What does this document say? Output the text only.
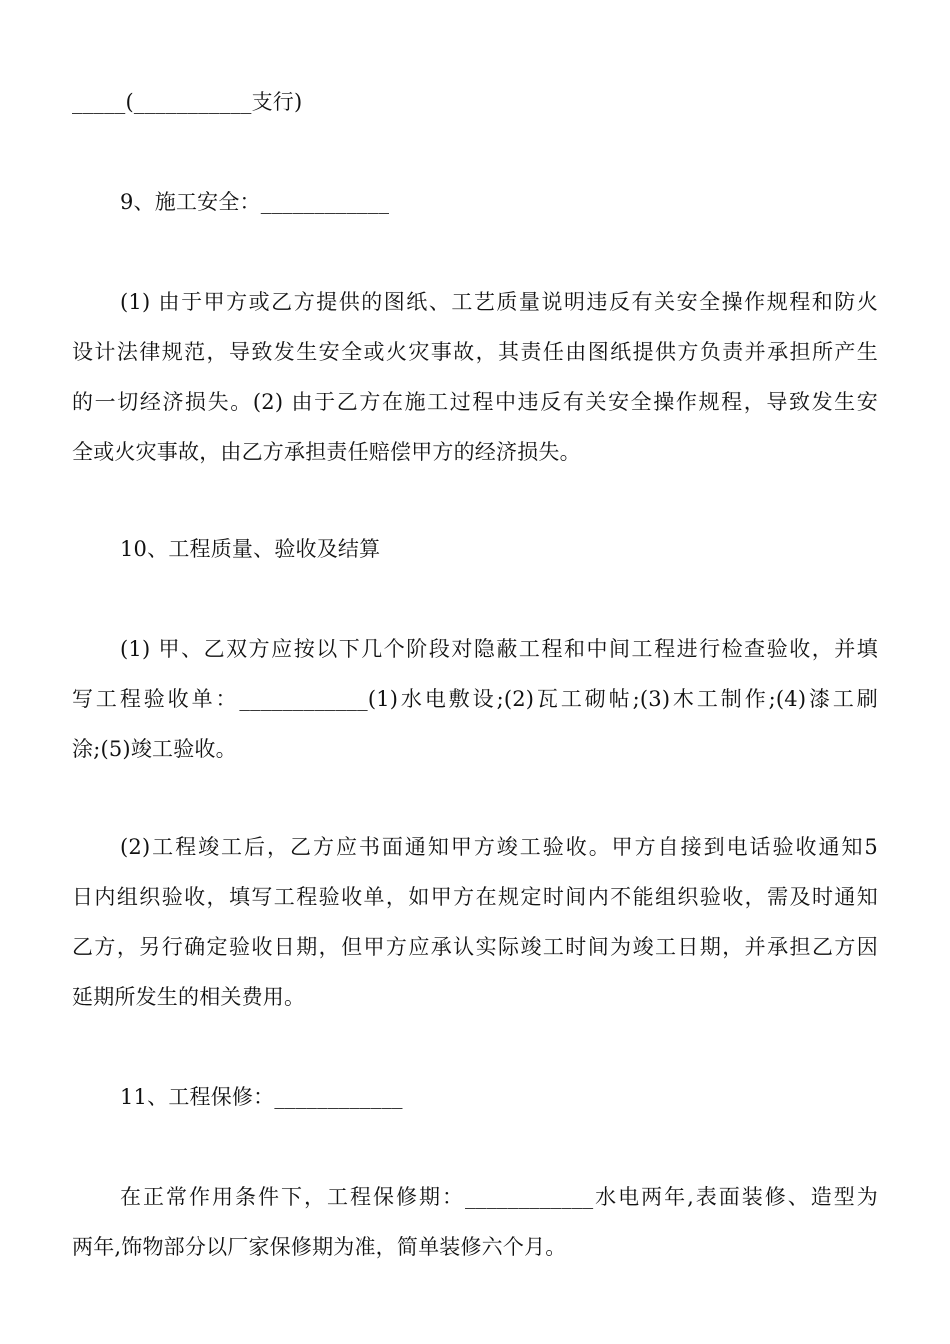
_____(___________支行)
9、施工安全：____________
(1) 由于甲方或乙方提供的图纸、工艺质量说明违反有关安全操作规程和防火
设计法律规范，导致发生安全或火灾事故，其责任由图纸提供方负责并承担所产生
的一切经济损失。(2) 由于乙方在施工过程中违反有关安全操作规程，导致发生安
全或火灾事故，由乙方承担责任赔偿甲方的经济损失。
10、工程质量、验收及结算
(1) 甲、乙双方应按以下几个阶段对隐蔽工程和中间工程进行检查验收，并填
写工程验收单：____________(1)水电敷设;(2)瓦工砌帖;(3)木工制作;(4)漆工刷
涂;(5)竣工验收。
(2)工程竣工后，乙方应书面通知甲方竣工验收。甲方自接到电话验收通知5
日内组织验收，填写工程验收单，如甲方在规定时间内不能组织验收，需及时通知
乙方，另行确定验收日期，但甲方应承认实际竣工时间为竣工日期，并承担乙方因
延期所发生的相关费用。
11、工程保修：____________
在正常作用条件下，工程保修期：____________水电两年,表面装修、造型为
两年,饰物部分以厂家保修期为准，简单装修六个月。
